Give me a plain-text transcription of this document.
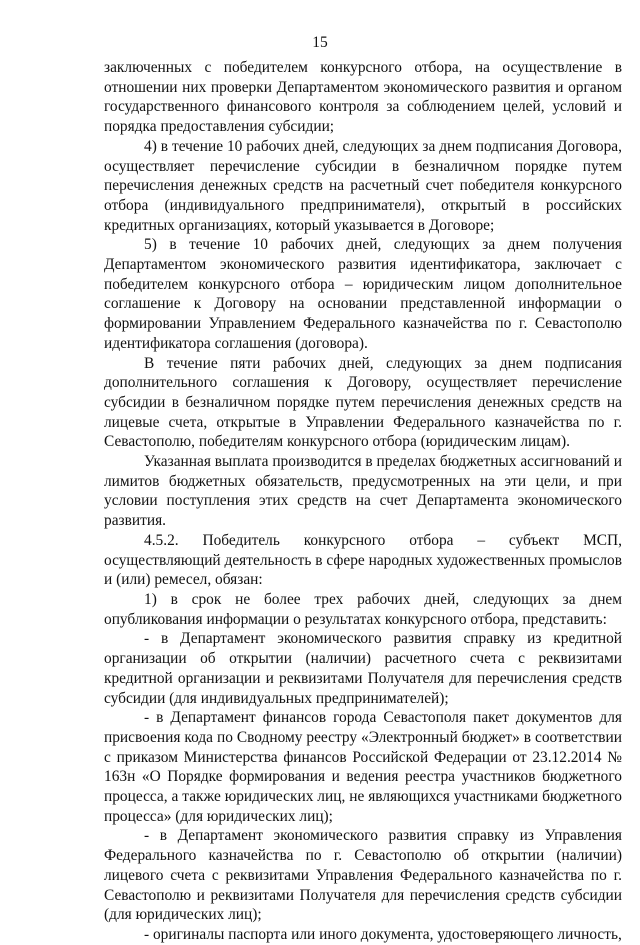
15

заключенных с победителем конкурсного отбора, на осуществление в отношении них проверки Департаментом экономического развития и органом государственного финансового контроля за соблюдением целей, условий и порядка предоставления субсидии;

4) в течение 10 рабочих дней, следующих за днем подписания Договора, осуществляет перечисление субсидии в безналичном порядке путем перечисления денежных средств на расчетный счет победителя конкурсного отбора (индивидуального предпринимателя), открытый в российских кредитных организациях, который указывается в Договоре;

5) в течение 10 рабочих дней, следующих за днем получения Департаментом экономического развития идентификатора, заключает с победителем конкурсного отбора – юридическим лицом дополнительное соглашение к Договору на основании представленной информации о формировании Управлением Федерального казначейства по г. Севастополю идентификатора соглашения (договора).

В течение пяти рабочих дней, следующих за днем подписания дополнительного соглашения к Договору, осуществляет перечисление субсидии в безналичном порядке путем перечисления денежных средств на лицевые счета, открытые в Управлении Федерального казначейства по г. Севастополю, победителям конкурсного отбора (юридическим лицам).

Указанная выплата производится в пределах бюджетных ассигнований и лимитов бюджетных обязательств, предусмотренных на эти цели, и при условии поступления этих средств на счет Департамента экономического развития.

4.5.2. Победитель конкурсного отбора – субъект МСП, осуществляющий деятельность в сфере народных художественных промыслов и (или) ремесел, обязан:

1) в срок не более трех рабочих дней, следующих за днем опубликования информации о результатах конкурсного отбора, представить:

- в Департамент экономического развития справку из кредитной организации об открытии (наличии) расчетного счета с реквизитами кредитной организации и реквизитами Получателя для перечисления средств субсидии (для индивидуальных предпринимателей);

- в Департамент финансов города Севастополя пакет документов для присвоения кода по Сводному реестру «Электронный бюджет» в соответствии с приказом Министерства финансов Российской Федерации от 23.12.2014 № 163н «О Порядке формирования и ведения реестра участников бюджетного процесса, а также юридических лиц, не являющихся участниками бюджетного процесса» (для юридических лиц);

- в Департамент экономического развития справку из Управления Федерального казначейства по г. Севастополю об открытии (наличии) лицевого счета с реквизитами Управления Федерального казначейства по г. Севастополю и реквизитами Получателя для перечисления средств субсидии (для юридических лиц);

- оригиналы паспорта или иного документа, удостоверяющего личность,
